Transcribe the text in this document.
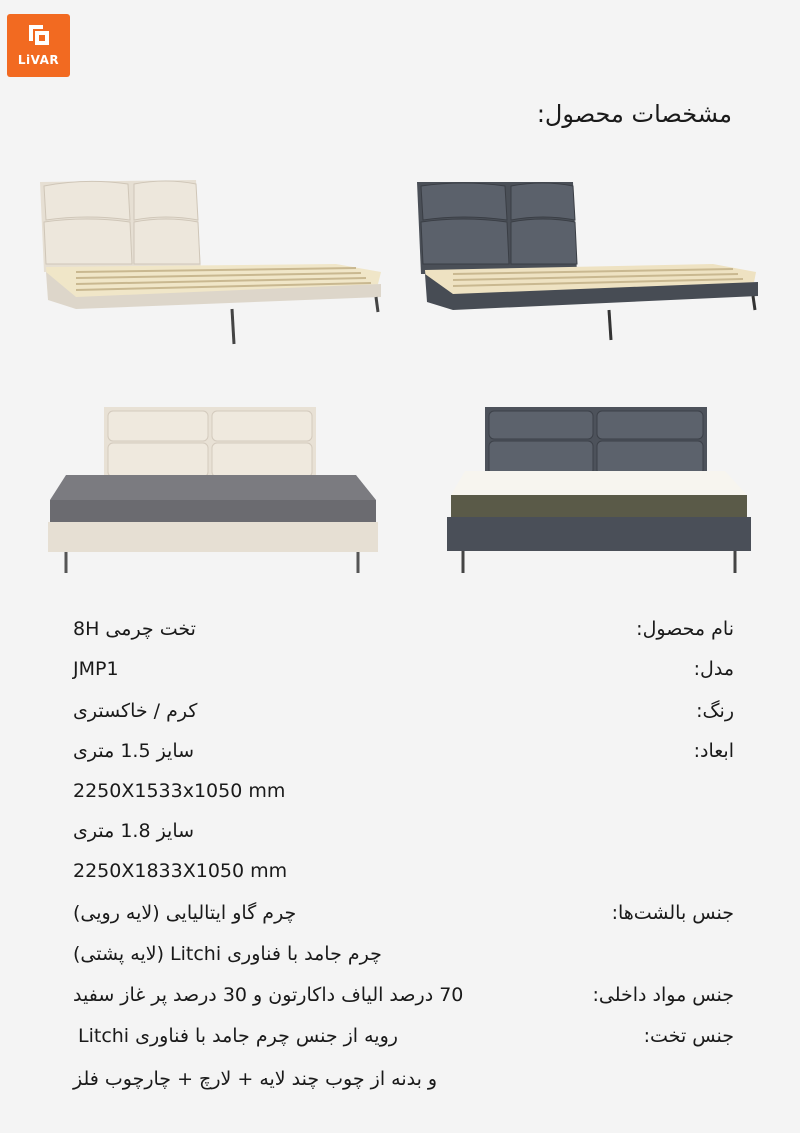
LiVAR
مشخصات محصول:
نام محصول:
مدل:
رنگ:
ابعاد:
جنس بالشت‌ها:
جنس مواد داخلی:
جنس تخت:
تخت چرمی 8H
JMP1
کرم / خاکستری
سایز 1.5 متری
2250X1533x1050 mm
سایز 1.8 متری
2250X1833X1050 mm
چرم گاو ایتالیایی (لایه رویی)
چرم جامد با فناوری Litchi (لایه پشتی)
70 درصد الیاف داکارتون و 30 درصد پر غاز سفید
رویه از جنس چرم جامد با فناوری Litchi
و بدنه از چوب چند لایه + لارچ + چارچوب فلز
